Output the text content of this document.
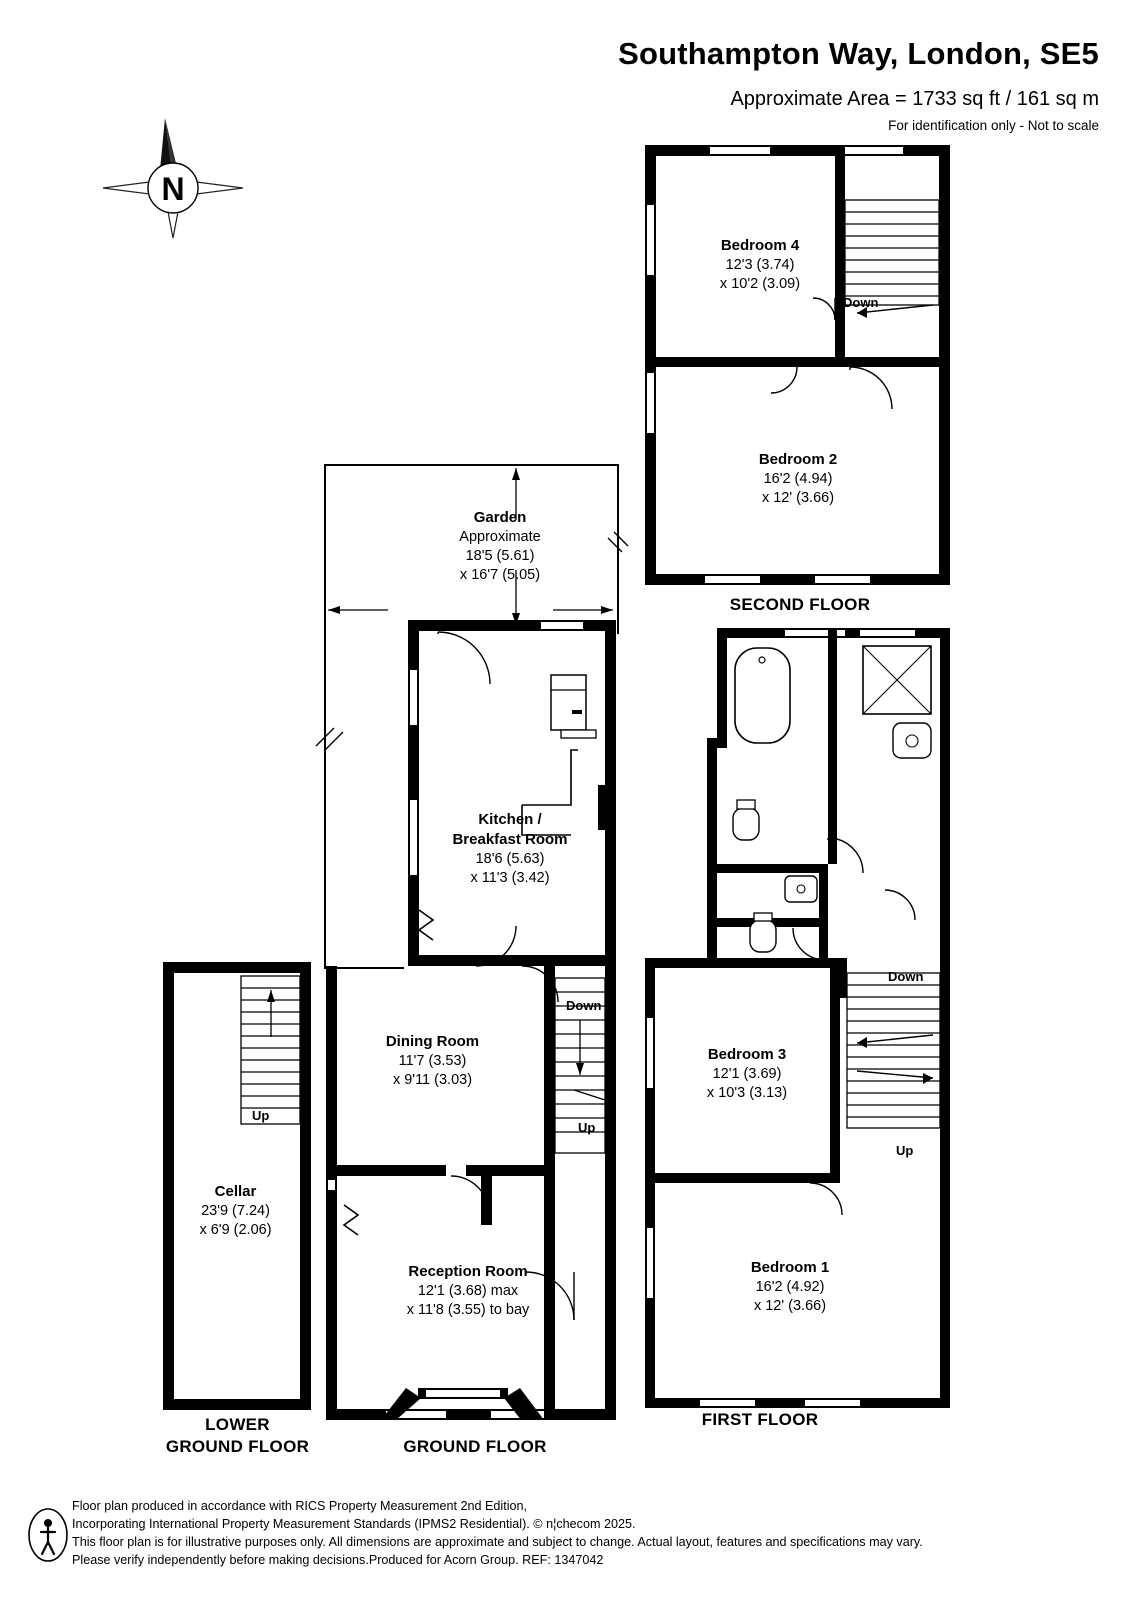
Southampton Way, London, SE5
Approximate Area = 1733 sq ft / 161 sq m
For identification only - Not to scale
N
Bedroom 4
12'3 (3.74)
x 10'2 (3.09)
Bedroom 2
16'2 (4.94)
x 12' (3.66)
Down
SECOND FLOOR
Bedroom 3
12'1 (3.69)
x 10'3 (3.13)
Bedroom 1
16'2 (4.92)
x 12' (3.66)
Down
Up
FIRST FLOOR
Garden
Approximate
18'5 (5.61)
x 16'7 (5.05)
Kitchen /
Breakfast Room
18'6 (5.63)
x 11'3 (3.42)
Dining Room
11'7 (3.53)
x 9'11 (3.03)
Reception Room
12'1 (3.68) max
x 11'8 (3.55) to bay
Down
Up
GROUND FLOOR
Up
Cellar
23'9 (7.24)
x 6'9 (2.06)
LOWER
GROUND FLOOR
Floor plan produced in accordance with RICS Property Measurement 2nd Edition,
Incorporating International Property Measurement Standards (IPMS2 Residential). © n¦checom 2025.
This floor plan is for illustrative purposes only. All dimensions are approximate and subject to change. Actual layout, features and specifications may vary.
Please verify independently before making decisions.Produced for Acorn Group. REF: 1347042
